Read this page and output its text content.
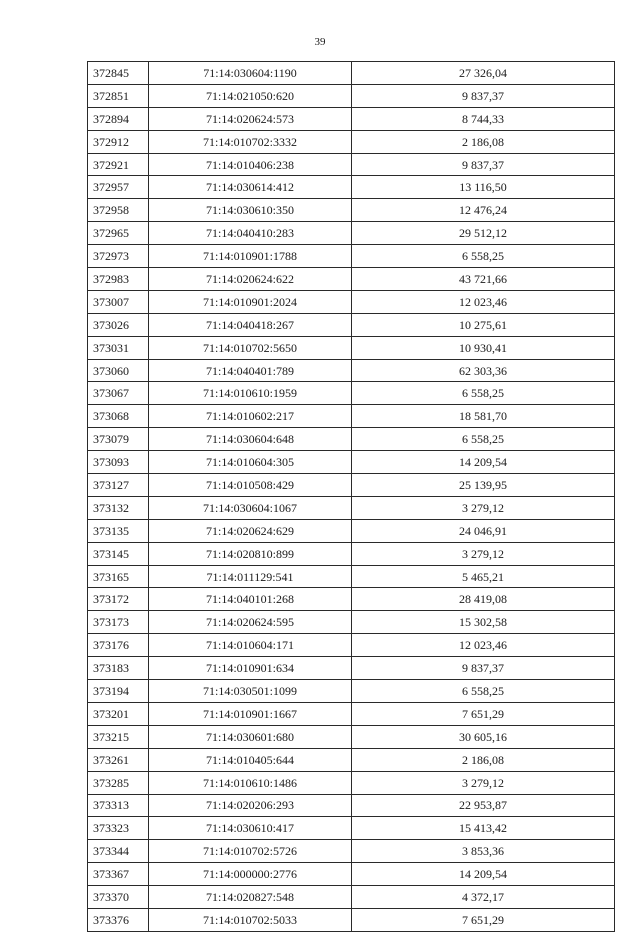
39
372845	71:14:030604:1190	27 326,04
372851	71:14:021050:620	9 837,37
372894	71:14:020624:573	8 744,33
372912	71:14:010702:3332	2 186,08
372921	71:14:010406:238	9 837,37
372957	71:14:030614:412	13 116,50
372958	71:14:030610:350	12 476,24
372965	71:14:040410:283	29 512,12
372973	71:14:010901:1788	6 558,25
372983	71:14:020624:622	43 721,66
373007	71:14:010901:2024	12 023,46
373026	71:14:040418:267	10 275,61
373031	71:14:010702:5650	10 930,41
373060	71:14:040401:789	62 303,36
373067	71:14:010610:1959	6 558,25
373068	71:14:010602:217	18 581,70
373079	71:14:030604:648	6 558,25
373093	71:14:010604:305	14 209,54
373127	71:14:010508:429	25 139,95
373132	71:14:030604:1067	3 279,12
373135	71:14:020624:629	24 046,91
373145	71:14:020810:899	3 279,12
373165	71:14:011129:541	5 465,21
373172	71:14:040101:268	28 419,08
373173	71:14:020624:595	15 302,58
373176	71:14:010604:171	12 023,46
373183	71:14:010901:634	9 837,37
373194	71:14:030501:1099	6 558,25
373201	71:14:010901:1667	7 651,29
373215	71:14:030601:680	30 605,16
373261	71:14:010405:644	2 186,08
373285	71:14:010610:1486	3 279,12
373313	71:14:020206:293	22 953,87
373323	71:14:030610:417	15 413,42
373344	71:14:010702:5726	3 853,36
373367	71:14:000000:2776	14 209,54
373370	71:14:020827:548	4 372,17
373376	71:14:010702:5033	7 651,29
